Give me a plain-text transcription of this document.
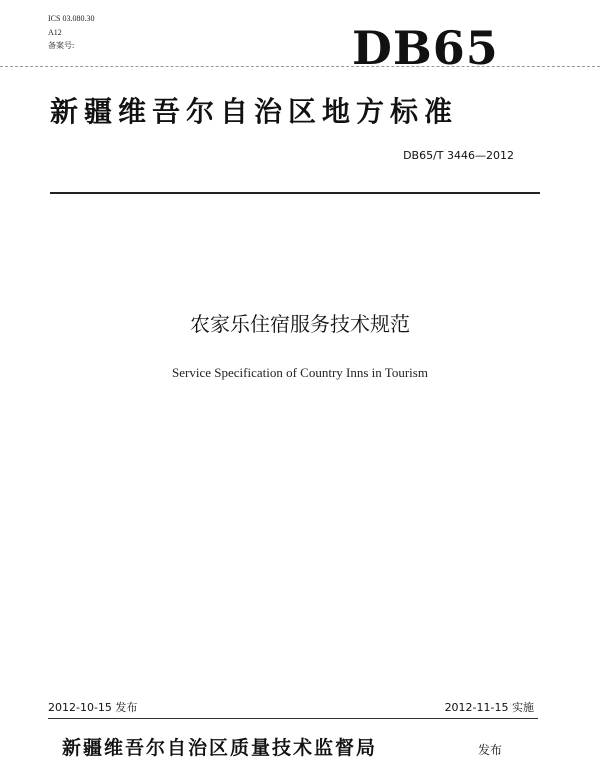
ICS 03.080.30
A12
备案号:	DB65
新疆维吾尔自治区地方标准
DB65/T 3446—2012
农家乐住宿服务技术规范
Service Specification of Country Inns in Tourism
2012-10-15 发布	2012-11-15 实施
新疆维吾尔自治区质量技术监督局	发布
